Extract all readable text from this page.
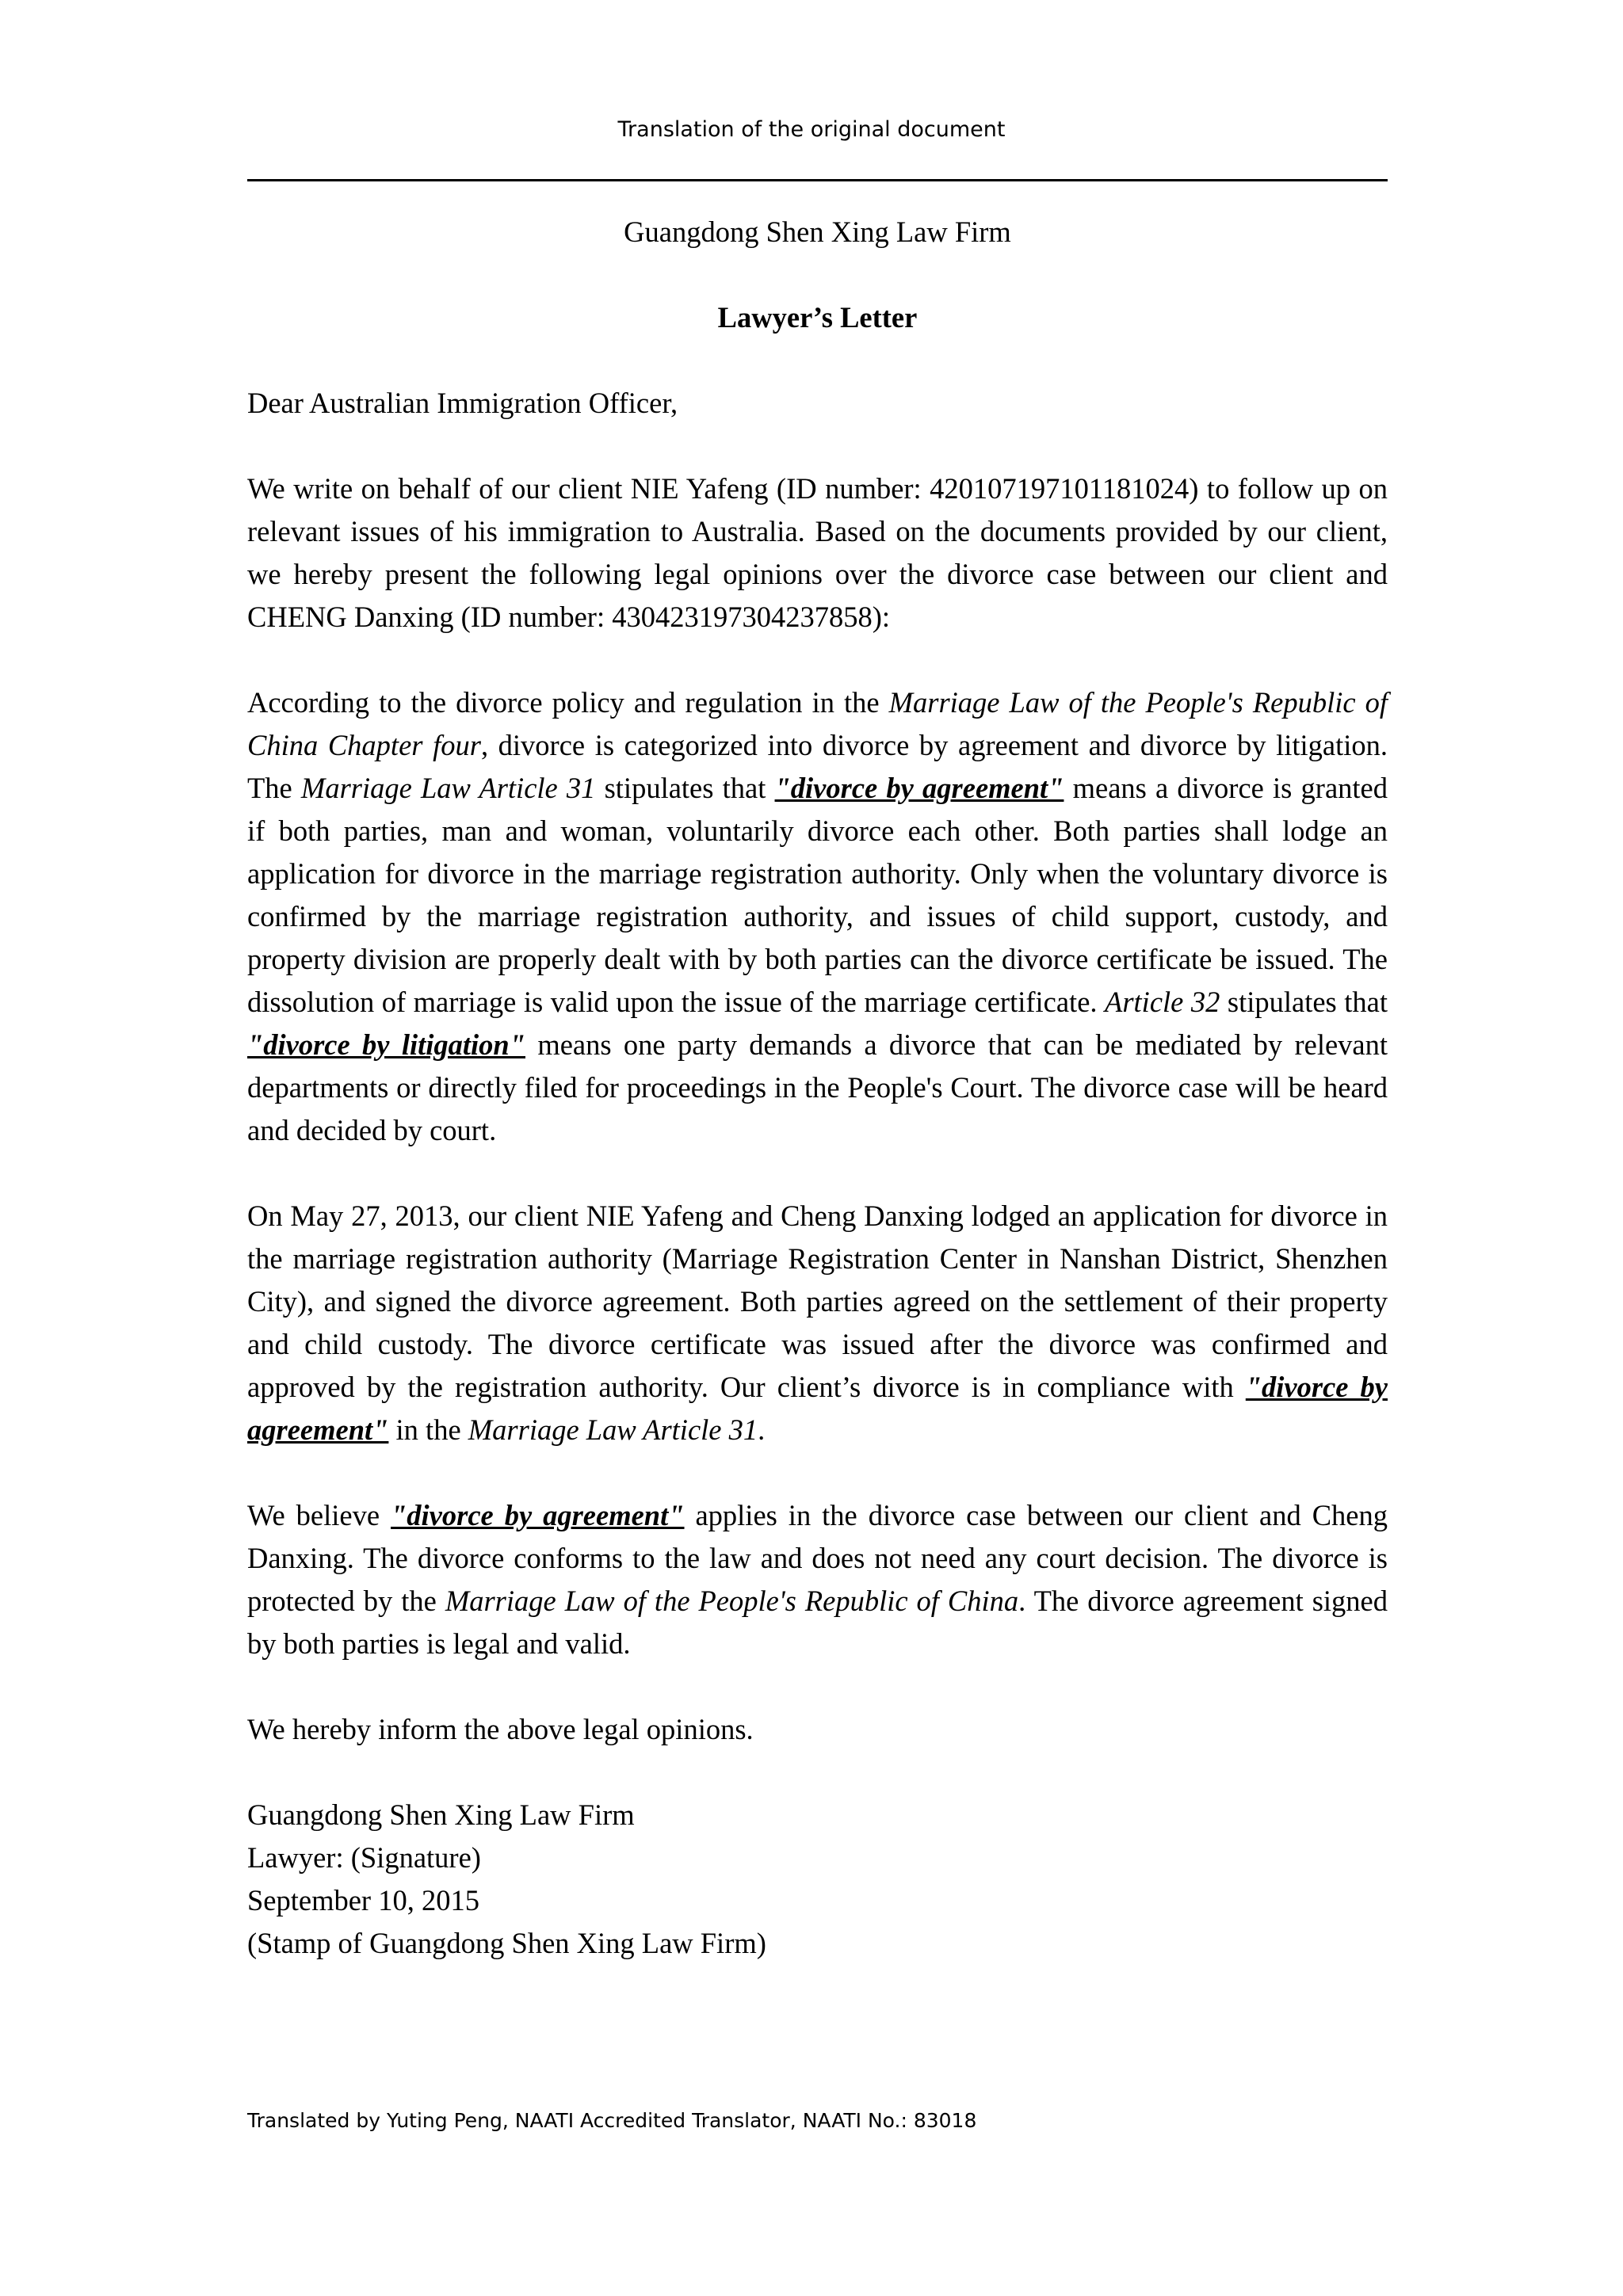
Translation of the original document

Guangdong Shen Xing Law Firm

Lawyer’s Letter

Dear Australian Immigration Officer,

We write on behalf of our client NIE Yafeng (ID number: 420107197101181024) to follow up on relevant issues of his immigration to Australia. Based on the documents provided by our client, we hereby present the following legal opinions over the divorce case between our client and CHENG Danxing (ID number: 430423197304237858):

According to the divorce policy and regulation in the Marriage Law of the People's Republic of China Chapter four, divorce is categorized into divorce by agreement and divorce by litigation. The Marriage Law Article 31 stipulates that "divorce by agreement" means a divorce is granted if both parties, man and woman, voluntarily divorce each other. Both parties shall lodge an application for divorce in the marriage registration authority. Only when the voluntary divorce is confirmed by the marriage registration authority, and issues of child support, custody, and property division are properly dealt with by both parties can the divorce certificate be issued. The dissolution of marriage is valid upon the issue of the marriage certificate. Article 32 stipulates that "divorce by litigation" means one party demands a divorce that can be mediated by relevant departments or directly filed for proceedings in the People's Court. The divorce case will be heard and decided by court.

On May 27, 2013, our client NIE Yafeng and Cheng Danxing lodged an application for divorce in the marriage registration authority (Marriage Registration Center in Nanshan District, Shenzhen City), and signed the divorce agreement. Both parties agreed on the settlement of their property and child custody. The divorce certificate was issued after the divorce was confirmed and approved by the registration authority. Our client’s divorce is in compliance with "divorce by agreement" in the Marriage Law Article 31.

We believe "divorce by agreement" applies in the divorce case between our client and Cheng Danxing. The divorce conforms to the law and does not need any court decision. The divorce is protected by the Marriage Law of the People's Republic of China. The divorce agreement signed by both parties is legal and valid.

We hereby inform the above legal opinions.

Guangdong Shen Xing Law Firm

Lawyer: (Signature)

September 10, 2015

(Stamp of Guangdong Shen Xing Law Firm)

Translated by Yuting Peng, NAATI Accredited Translator, NAATI No.: 83018
